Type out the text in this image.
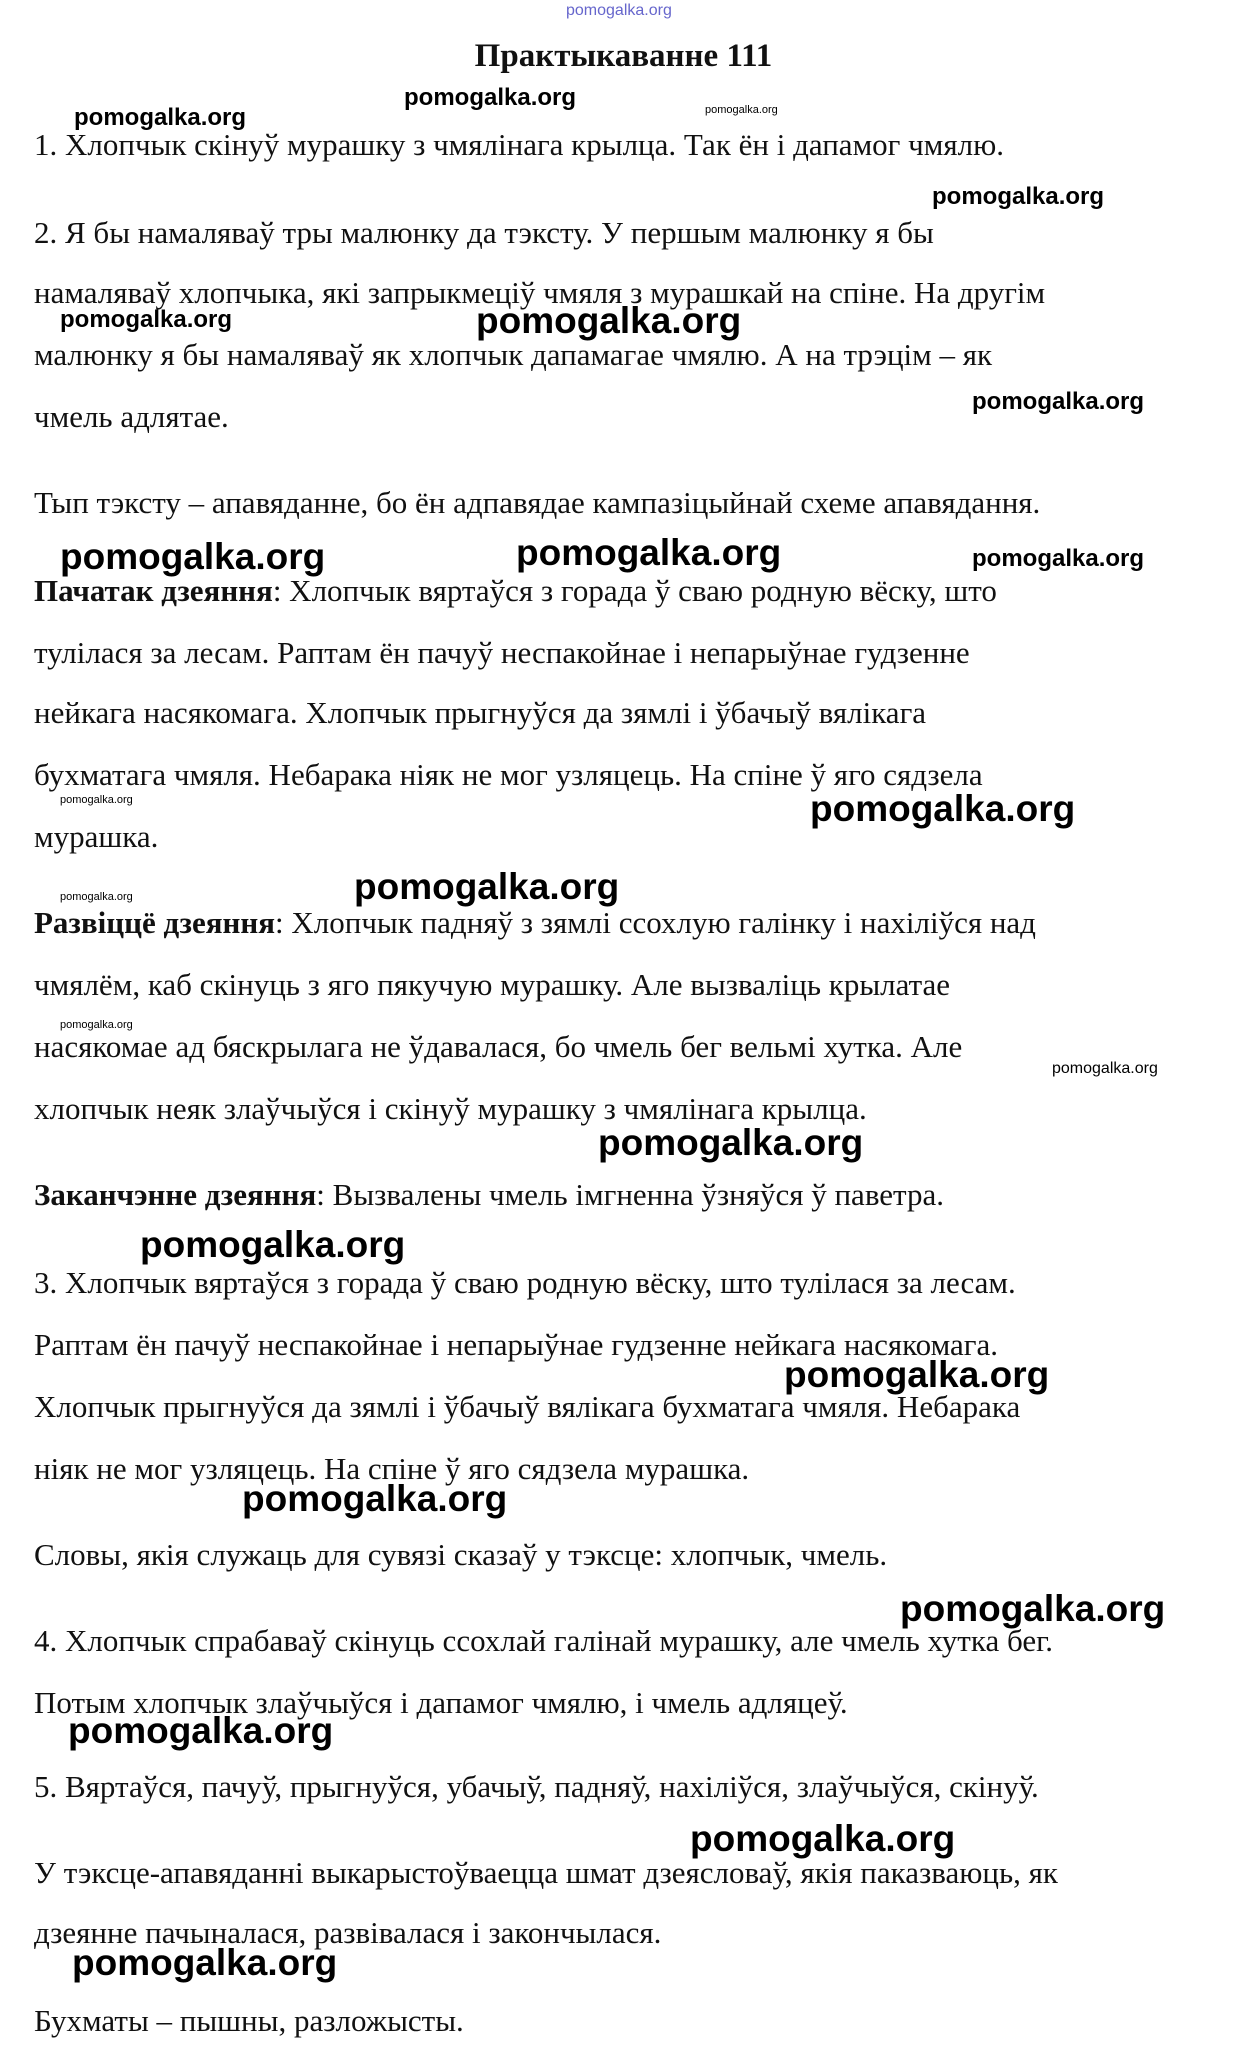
pomogalka.org
Практыкаванне 111
pomogalka.org
pomogalka.org	pomogalka.org
pomogalka.org
pomogalka.org	pomogalka.org
pomogalka.org
pomogalka.org	pomogalka.org	pomogalka.org
pomogalka.org	pomogalka.org
pomogalka.org	pomogalka.org
pomogalka.org
pomogalka.org
pomogalka.org
pomogalka.org
pomogalka.org
pomogalka.org
pomogalka.org
pomogalka.org
pomogalka.org
pomogalka.org
1. Хлопчык скінуў мурашку з чмялінага крылца. Так ён і дапамог чмялю.
2. Я бы намаляваў тры малюнку да тэксту. У першым малюнку я бы
намаляваў хлопчыка, які запрыкмеціў чмяля з мурашкай на спіне. На другім
малюнку я бы намаляваў як хлопчык дапамагае чмялю. А на трэцім – як
чмель адлятае.
Тып тэксту – апавяданне, бо ён адпавядае кампазіцыйнай схеме апавядання.
Пачатак дзеяння: Хлопчык вяртаўся з горада ў сваю родную вёску, што
тулілася за лесам. Раптам ён пачуў неспакойнае і непарыўнае гудзенне
нейкага насякомага. Хлопчык прыгнуўся да зямлі і ўбачыў вялікага
бухматага чмяля. Небарака ніяк не мог узляцець. На спіне ў яго сядзела
мурашка.
Развіццё дзеяння: Хлопчык падняў з зямлі ссохлую галінку і нахіліўся над
чмялём, каб скінуць з яго пякучую мурашку. Але вызваліць крылатае
насякомае ад бяскрылага не ўдавалася, бо чмель бег вельмі хутка. Але
хлопчык неяк злаўчыўся і скінуў мурашку з чмялінага крылца.
Заканчэнне дзеяння: Вызвалены чмель імгненна ўзняўся ў паветра.
3. Хлопчык вяртаўся з горада ў сваю родную вёску, што тулілася за лесам.
Раптам ён пачуў неспакойнае і непарыўнае гудзенне нейкага насякомага.
Хлопчык прыгнуўся да зямлі і ўбачыў вялікага бухматага чмяля. Небарака
ніяк не мог узляцець. На спіне ў яго сядзела мурашка.
Словы, якія служаць для сувязі сказаў у тэксце: хлопчык, чмель.
4. Хлопчык спрабаваў скінуць ссохлай галінай мурашку, але чмель хутка бег.
Потым хлопчык злаўчыўся і дапамог чмялю, і чмель адляцеў.
5. Вяртаўся, пачуў, прыгнуўся, убачыў, падняў, нахіліўся, злаўчыўся, скінуў.
У тэксце-апавяданні выкарыстоўваецца шмат дзеясловаў, якія паказваюць, як
дзеянне пачыналася, развівалася і закончылася.
Бухматы – пышны, разложысты.
